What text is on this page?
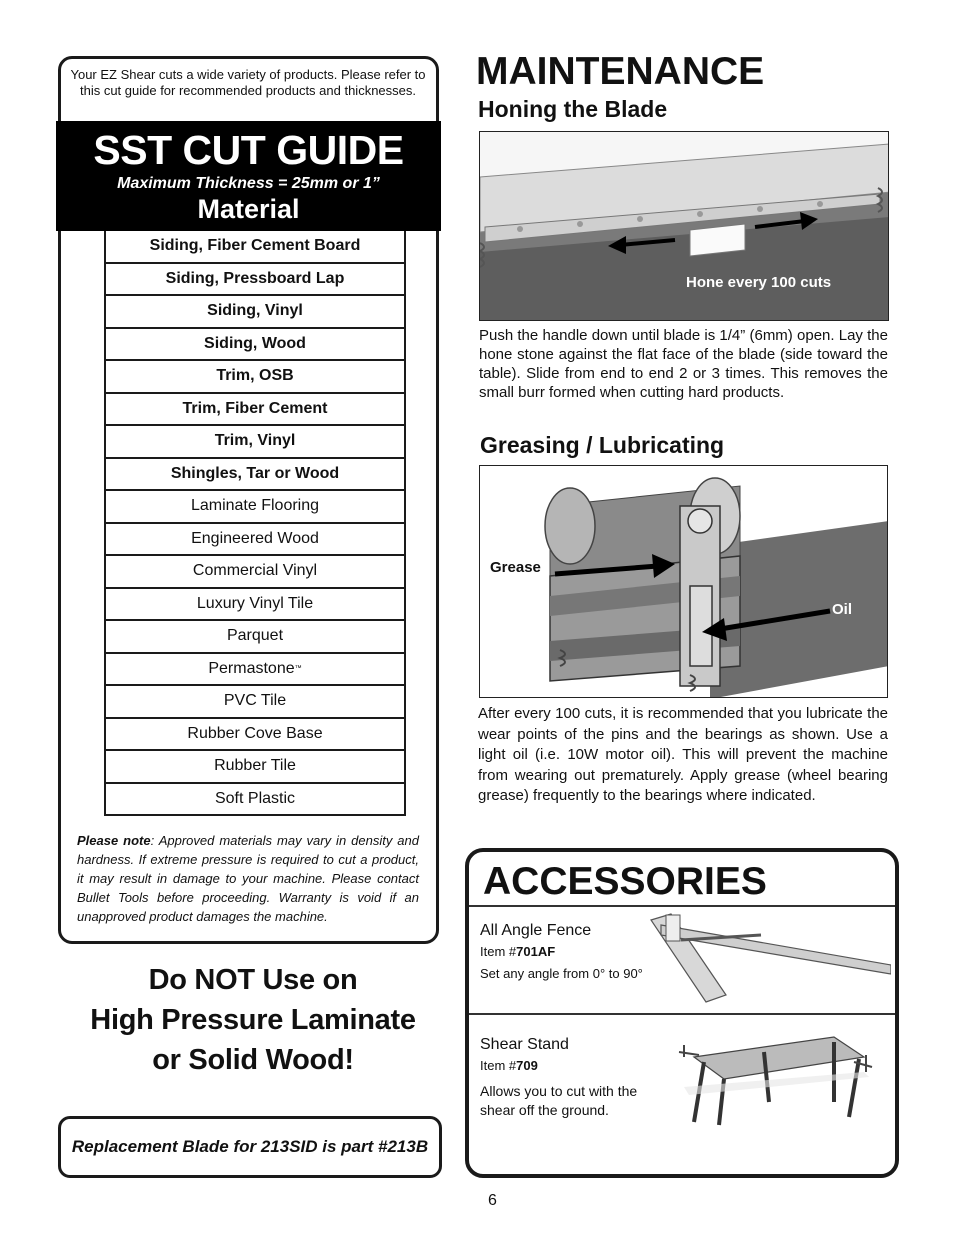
Your EZ Shear cuts a wide variety of products. Please refer to this cut guide for recommended products and thicknesses.
SST CUT GUIDE
Maximum Thickness = 25mm or 1”
Material
Siding, Fiber Cement Board
Siding, Pressboard Lap
Siding, Vinyl
Siding, Wood
Trim, OSB
Trim, Fiber Cement
Trim, Vinyl
Shingles, Tar or Wood
Laminate Flooring
Engineered Wood
Commercial Vinyl
Luxury Vinyl Tile
Parquet
Permastone ™
PVC Tile
Rubber Cove Base
Rubber Tile
Soft Plastic
Please note: Approved materials may vary in density and hardness. If extreme pressure is required to cut a product, it may result in damage to your machine. Please contact Bullet Tools before proceeding. Warranty is void if an unapproved product damages the machine.
Do NOT Use on
High Pressure Laminate
or Solid Wood!
Replacement Blade for 213SID is part #213B
MAINTENANCE
Honing the Blade
Hone every 100 cuts
Push the handle down until blade is 1/4” (6mm) open. Lay the hone stone against the flat face of the blade (side toward the table). Slide from end to end 2 or 3 times. This removes the small burr formed when cutting hard products.
Greasing / Lubricating
Grease
Oil
After every 100 cuts, it is recommended that you lubricate the wear points of the pins and the bearings as shown. Use a light oil (i.e. 10W motor oil). This will prevent the machine from wearing out prematurely. Apply grease (wheel bearing grease) frequently to the bearings where indicated.
ACCESSORIES
All Angle Fence
Item #701AF
Set any angle from 0° to 90°
Shear Stand
Item #709
Allows you to cut with the shear off the ground.
6
